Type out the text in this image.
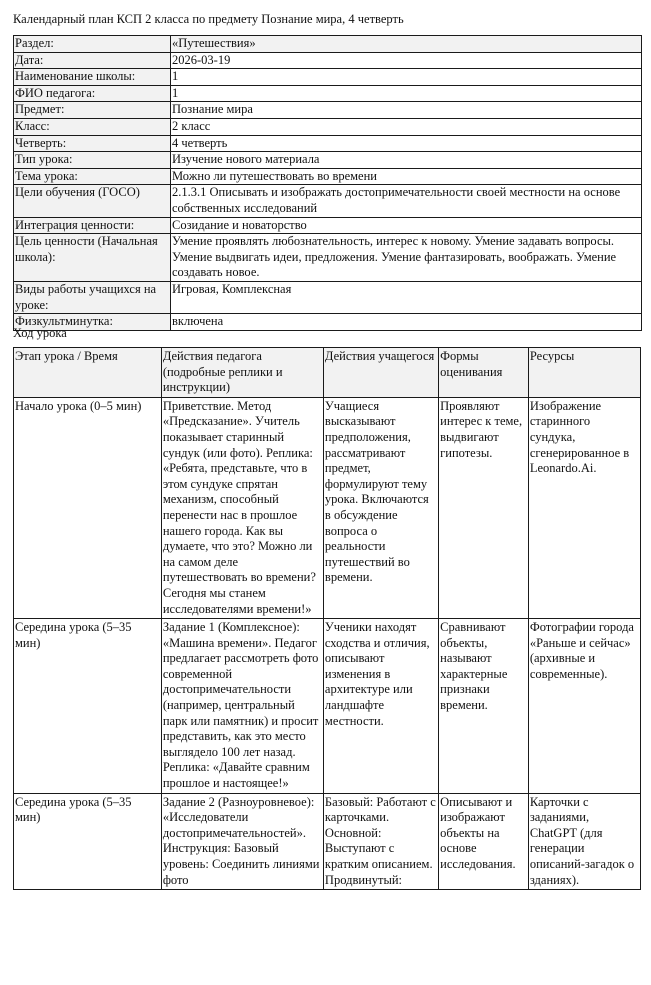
Календарный план КСП 2 класса по предмету Познание мира, 4 четверть
Раздел:	«Путешествия»
Дата:	2026-03-19
Наименование школы:	1
ФИО педагога:	1
Предмет:	Познание мира
Класс:	2 класс
Четверть:	4 четверть
Тип урока:	Изучение нового материала
Тема урока:	Можно ли путешествовать во времени
Цели обучения (ГОСО)	2.1.3.1 Описывать и изображать достопримечательности своей местности на основе собственных исследований
Интеграция ценности:	Созидание и новаторство
Цель ценности (Начальная школа):	Умение проявлять любознательность, интерес к новому. Умение задавать вопросы. Умение выдвигать идеи, предложения. Умение фантазировать, воображать. Умение создавать новое.
Виды работы учащихся на уроке:	Игровая, Комплексная
Физкультминутка:	включена
Ход урока
Этап урока / Время	Действия педагога (подробные реплики и инструкции)	Действия учащегося	Формы оценивания	Ресурсы
Начало урока (0–5 мин)	Приветствие. Метод «Предсказание». Учитель показывает старинный сундук (или фото). Реплика: «Ребята, представьте, что в этом сундуке спрятан механизм, способный перенести нас в прошлое нашего города. Как вы думаете, что это? Можно ли на самом деле путешествовать во времени? Сегодня мы станем исследователями времени!»	Учащиеся высказывают предположения, рассматривают предмет, формулируют тему урока. Включаются в обсуждение вопроса о реальности путешествий во времени.	Проявляют интерес к теме, выдвигают гипотезы.	Изображение старинного сундука, сгенерированное в Leonardo.Ai.
Середина урока (5–35 мин)	Задание 1 (Комплексное): «Машина времени». Педагог предлагает рассмотреть фото современной достопримечательности (например, центральный парк или памятник) и просит представить, как это место выглядело 100 лет назад. Реплика: «Давайте сравним прошлое и настоящее!»	Ученики находят сходства и отличия, описывают изменения в архитектуре или ландшафте местности.	Сравнивают объекты, называют характерные признаки времени.	Фотографии города «Раньше и сейчас» (архивные и современные).
Середина урока (5–35 мин)	Задание 2 (Разноуровневое): «Исследователи достопримечательностей». Инструкция: Базовый уровень: Соединить линиями фото	Базовый: Работают с карточками. Основной: Выступают с кратким описанием. Продвинутый:	Описывают и изображают объекты на основе исследования.	Карточки с заданиями, ChatGPT (для генерации описаний-загадок о зданиях).
